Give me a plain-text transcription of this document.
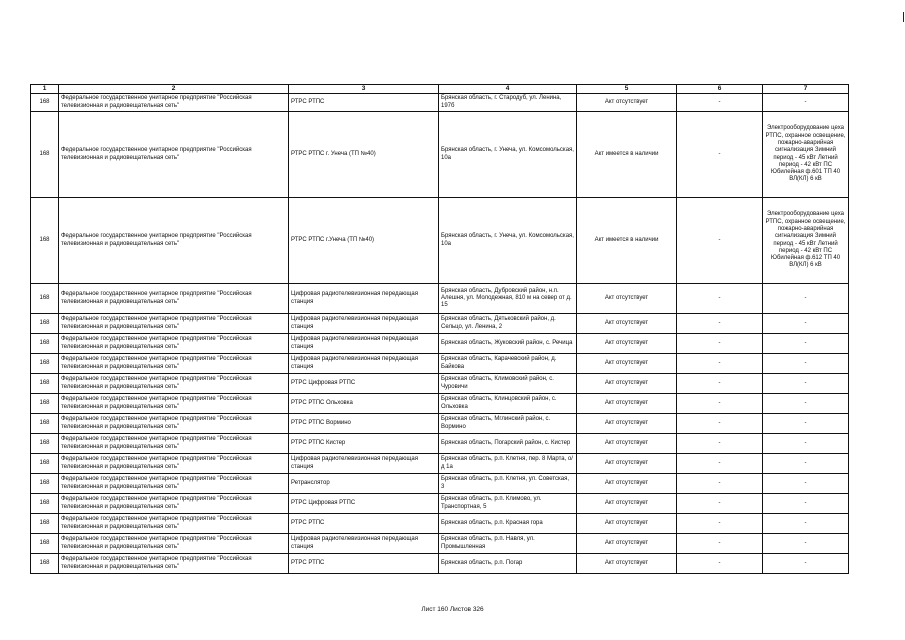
1	2	3	4	5	6	7
168	Федеральное государственное унитарное предприятие "Российская телевизионная и радиовещательная сеть"	РТРС РТПС	Брянская область, г. Стародуб, ул. Ленина, 197б	Акт отсутствует	-	-
168	Федеральное государственное унитарное предприятие "Российская телевизионная и радиовещательная сеть"	РТРС РТПС г. Унеча (ТП №40)	Брянская область, г. Унеча, ул. Комсомольская, 10а	Акт имеется в наличии	-	Электрооборудование цеха РТПС, охранное освещение, пожарно-аварийная сигнализация Зимний период - 45 кВт Летний период - 42 кВт ПС Юбилейная ф.601 ТП 40 ВЛ(КЛ) 6 кВ
168	Федеральное государственное унитарное предприятие "Российская телевизионная и радиовещательная сеть"	РТРС РТПС г.Унеча (ТП №40)	Брянская область, г. Унеча, ул. Комсомольская, 10а	Акт имеется в наличии	-	Электрооборудование цеха РТПС, охранное освещение, пожарно-аварийная сигнализация Зимний период - 45 кВт Летний период - 42 кВт ПС Юбилейная ф.612 ТП 40 ВЛ(КЛ) 6 кВ
168	Федеральное государственное унитарное предприятие "Российская телевизионная и радиовещательная сеть"	Цифровая радиотелевизионная передающая станция	Брянская область, Дубровский район, н.п. Алешня, ул. Молодежная, 810 м на север от д. 15	Акт отсутствует	-	-
168	Федеральное государственное унитарное предприятие "Российская телевизионная и радиовещательная сеть"	Цифровая радиотелевизионная передающая станция	Брянская область, Дятьковский район, д. Сельцо, ул. Ленина, 2	Акт отсутствует	-	-
168	Федеральное государственное унитарное предприятие "Российская телевизионная и радиовещательная сеть"	Цифровая радиотелевизионная передающая станция	Брянская область, Жуковский район, с. Речица	Акт отсутствует	-	-
168	Федеральное государственное унитарное предприятие "Российская телевизионная и радиовещательная сеть"	Цифровая радиотелевизионная передающая станция	Брянская область, Карачевский район, д. Байкова	Акт отсутствует	-	-
168	Федеральное государственное унитарное предприятие "Российская телевизионная и радиовещательная сеть"	РТРС Цифровая РТПС	Брянская область, Климовский район, с. Чуровичи	Акт отсутствует	-	-
168	Федеральное государственное унитарное предприятие "Российская телевизионная и радиовещательная сеть"	РТРС РТПС Ольховка	Брянская область, Клинцовский район, с. Ольховка	Акт отсутствует	-	-
168	Федеральное государственное унитарное предприятие "Российская телевизионная и радиовещательная сеть"	РТРС РТПС Вормино	Брянская область, Мглинский район, с. Вормино	Акт отсутствует	-	-
168	Федеральное государственное унитарное предприятие "Российская телевизионная и радиовещательная сеть"	РТРС РТПС Кистер	Брянская область, Погарский район, с. Кистер	Акт отсутствует	-	-
168	Федеральное государственное унитарное предприятие "Российская телевизионная и радиовещательная сеть"	Цифровая радиотелевизионная передающая станция	Брянская область, р.п. Клетня, пер. 8 Марта, о/д 1а	Акт отсутствует	-	-
168	Федеральное государственное унитарное предприятие "Российская телевизионная и радиовещательная сеть"	Ретранслятор	Брянская область, р.п. Клетня, ул. Советская, 3	Акт отсутствует	-	-
168	Федеральное государственное унитарное предприятие "Российская телевизионная и радиовещательная сеть"	РТРС Цифровая РТПС	Брянская область, р.п. Климово, ул. Транспортная, 5	Акт отсутствует	-	-
168	Федеральное государственное унитарное предприятие "Российская телевизионная и радиовещательная сеть"	РТРС РТПС	Брянская область, р.п. Красная гора	Акт отсутствует	-	-
168	Федеральное государственное унитарное предприятие "Российская телевизионная и радиовещательная сеть"	Цифровая радиотелевизионная передающая станция	Брянская область, р.п. Навля, ул. Промышленная	Акт отсутствует	-	-
168	Федеральное государственное унитарное предприятие "Российская телевизионная и радиовещательная сеть"	РТРС РТПС	Брянская область, р.п. Погар	Акт отсутствует	-	-
Лист 160 Листов 326
